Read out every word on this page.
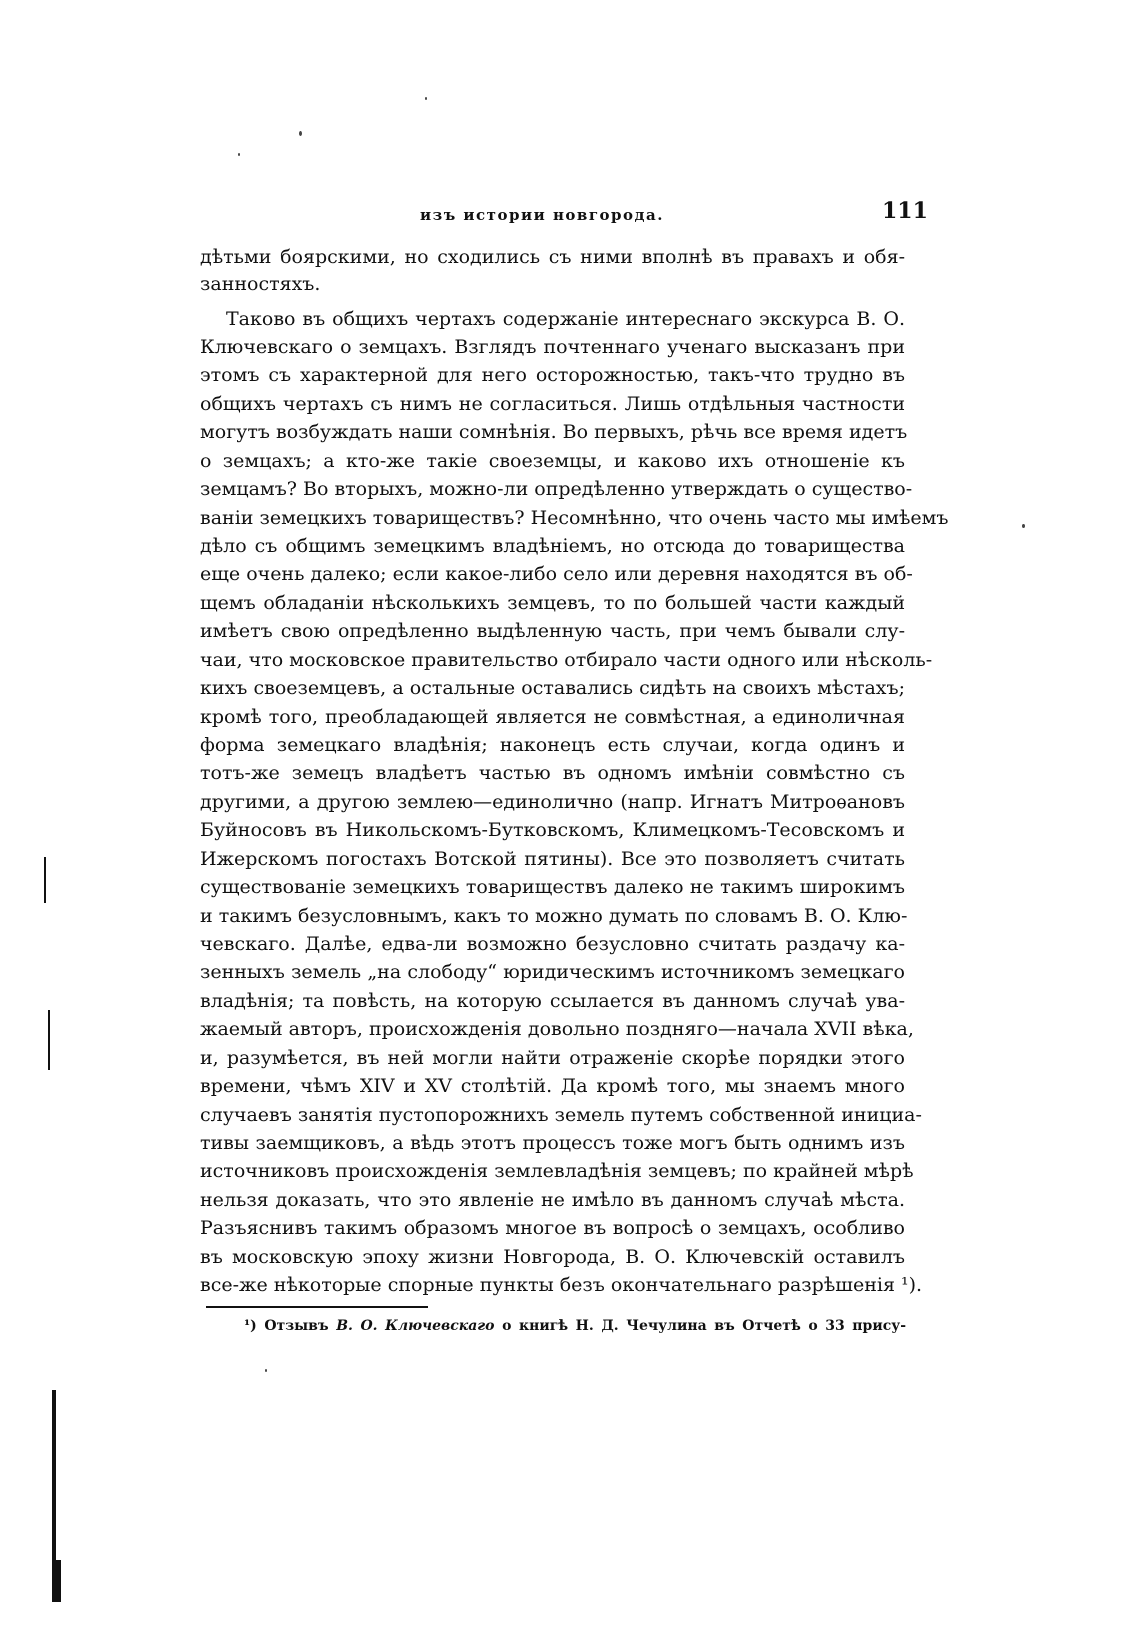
изъ истории новгорода.	111
дѣтьми боярскими, но сходились съ ними вполнѣ въ правахъ и обя-
занностяхъ.
Таково въ общихъ чертахъ содержанiе интереснаго экскурса В. О.
Ключевскаго о земцахъ. Взглядъ почтеннаго ученаго высказанъ при
этомъ съ характерной для него осторожностью, такъ-что трудно въ
общихъ чертахъ съ нимъ не согласиться. Лишь отдѣльныя частности
могутъ возбуждать наши сомнѣнiя. Во первыхъ, рѣчь все время идетъ
о земцахъ; а кто-же такiе своеземцы, и каково ихъ отношенiе къ
земцамъ? Во вторыхъ, можно-ли опредѣленно утверждать о существо-
ванiи земецкихъ товариществъ? Несомнѣнно, что очень часто мы имѣемъ
дѣло съ общимъ земецкимъ владѣнiемъ, но отсюда до товарищества
еще очень далеко; если какое-либо село или деревня находятся въ об-
щемъ обладанiи нѣсколькихъ земцевъ, то по большей части каждый
имѣетъ свою опредѣленно выдѣленную часть, при чемъ бывали слу-
чаи, что московское правительство отбирало части одного или нѣсколь-
кихъ своеземцевъ, а остальные оставались сидѣть на своихъ мѣстахъ;
кромѣ того, преобладающей является не совмѣстная, а единоличная
форма земецкаго владѣнiя; наконецъ есть случаи, когда одинъ и
тотъ-же земецъ владѣетъ частью въ одномъ имѣнiи совмѣстно съ
другими, а другою землею—единолично (напр. Игнатъ Митроѳановъ
Буйносовъ въ Никольскомъ-Бутковскомъ, Климецкомъ-Тесовскомъ и
Ижерскомъ погостахъ Вотской пятины). Все это позволяетъ считать
существованiе земецкихъ товариществъ далеко не такимъ широкимъ
и такимъ безусловнымъ, какъ то можно думать по словамъ В. О. Клю-
чевскаго. Далѣе, едва-ли возможно безусловно считать раздачу ка-
зенныхъ земель „на слободу“ юридическимъ источникомъ земецкаго
владѣнiя; та повѣсть, на которую ссылается въ данномъ случаѣ ува-
жаемый авторъ, происхожденiя довольно поздняго—начала XVII вѣка,
и, разумѣется, въ ней могли найти отраженiе скорѣе порядки этого
времени, чѣмъ XIV и XV столѣтiй. Да кромѣ того, мы знаемъ много
случаевъ занятiя пустопорожнихъ земель путемъ собственной инициа-
тивы заемщиковъ, а вѣдь этотъ процессъ тоже могъ быть однимъ изъ
источниковъ происхожденiя землевладѣнiя земцевъ; по крайней мѣрѣ
нельзя доказать, что это явленiе не имѣло въ данномъ случаѣ мѣста.
Разъяснивъ такимъ образомъ многое въ вопросѣ о земцахъ, особливо
въ московскую эпоху жизни Новгорода, В. О. Ключевскiй оставилъ
все-же нѣкоторые спорные пункты безъ окончательнаго разрѣшенiя ¹).
¹) Отзывъ В. О. Ключевскаго о книгѣ Н. Д. Чечулина въ Отчетѣ о 33 прису-
